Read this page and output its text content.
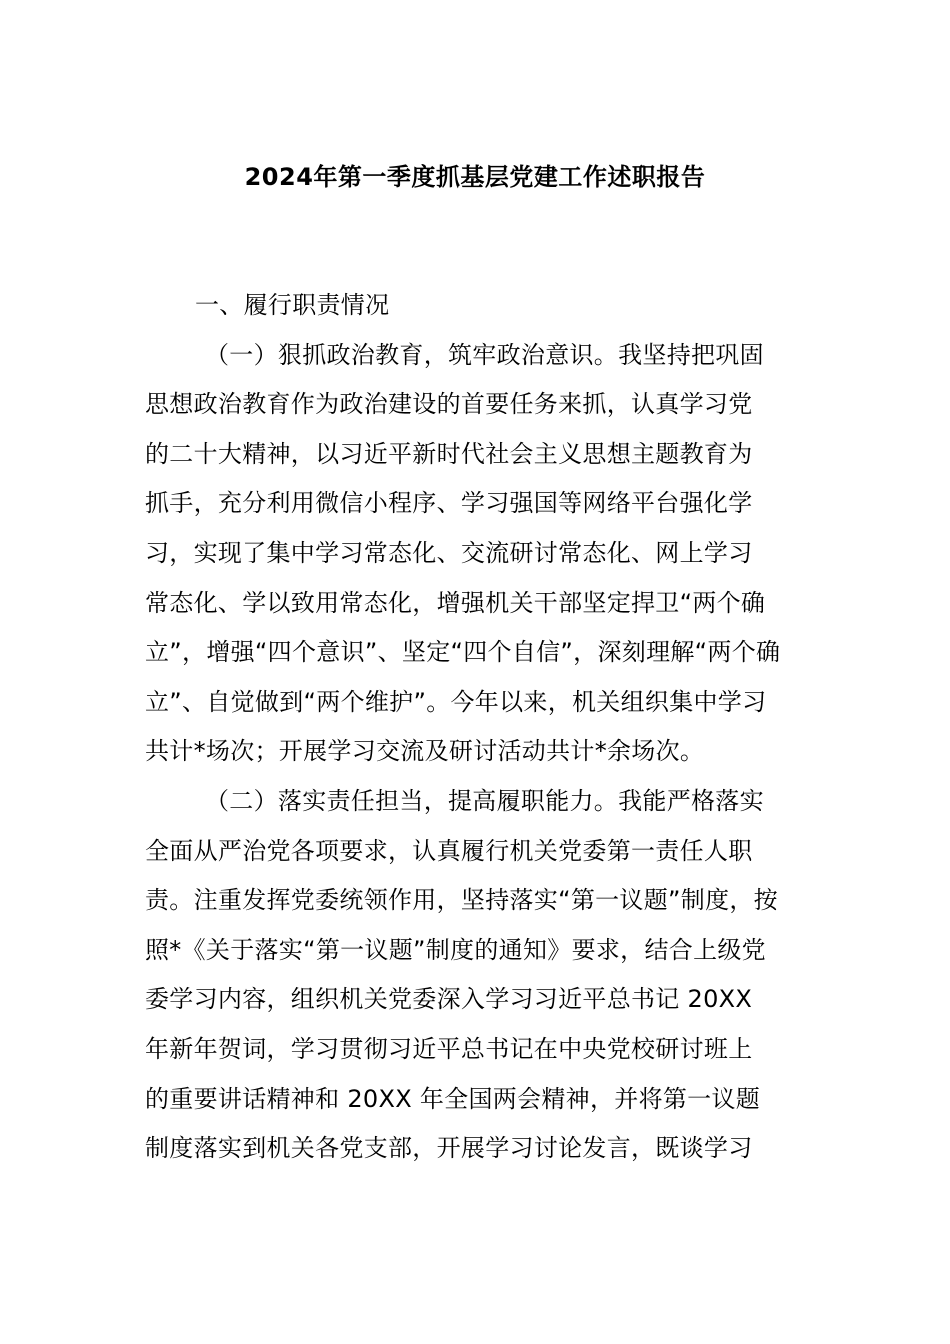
2024年第一季度抓基层党建工作述职报告
一、履行职责情况
（一）狠抓政治教育，筑牢政治意识。我坚持把巩固
思想政治教育作为政治建设的首要任务来抓，认真学习党
的二十大精神，以习近平新时代社会主义思想主题教育为
抓手，充分利用微信小程序、学习强国等网络平台强化学
习，实现了集中学习常态化、交流研讨常态化、网上学习
常态化、学以致用常态化，增强机关干部坚定捍卫“两个确
立”，增强“四个意识”、坚定“四个自信”，深刻理解“两个确
立”、自觉做到“两个维护”。今年以来，机关组织集中学习
共计*场次；开展学习交流及研讨活动共计*余场次。
（二）落实责任担当，提高履职能力。我能严格落实
全面从严治党各项要求，认真履行机关党委第一责任人职
责。注重发挥党委统领作用，坚持落实“第一议题”制度，按
照*《关于落实“第一议题”制度的通知》要求，结合上级党
委学习内容，组织机关党委深入学习习近平总书记 20XX
年新年贺词，学习贯彻习近平总书记在中央党校研讨班上
的重要讲话精神和 20XX 年全国两会精神，并将第一议题
制度落实到机关各党支部，开展学习讨论发言，既谈学习
